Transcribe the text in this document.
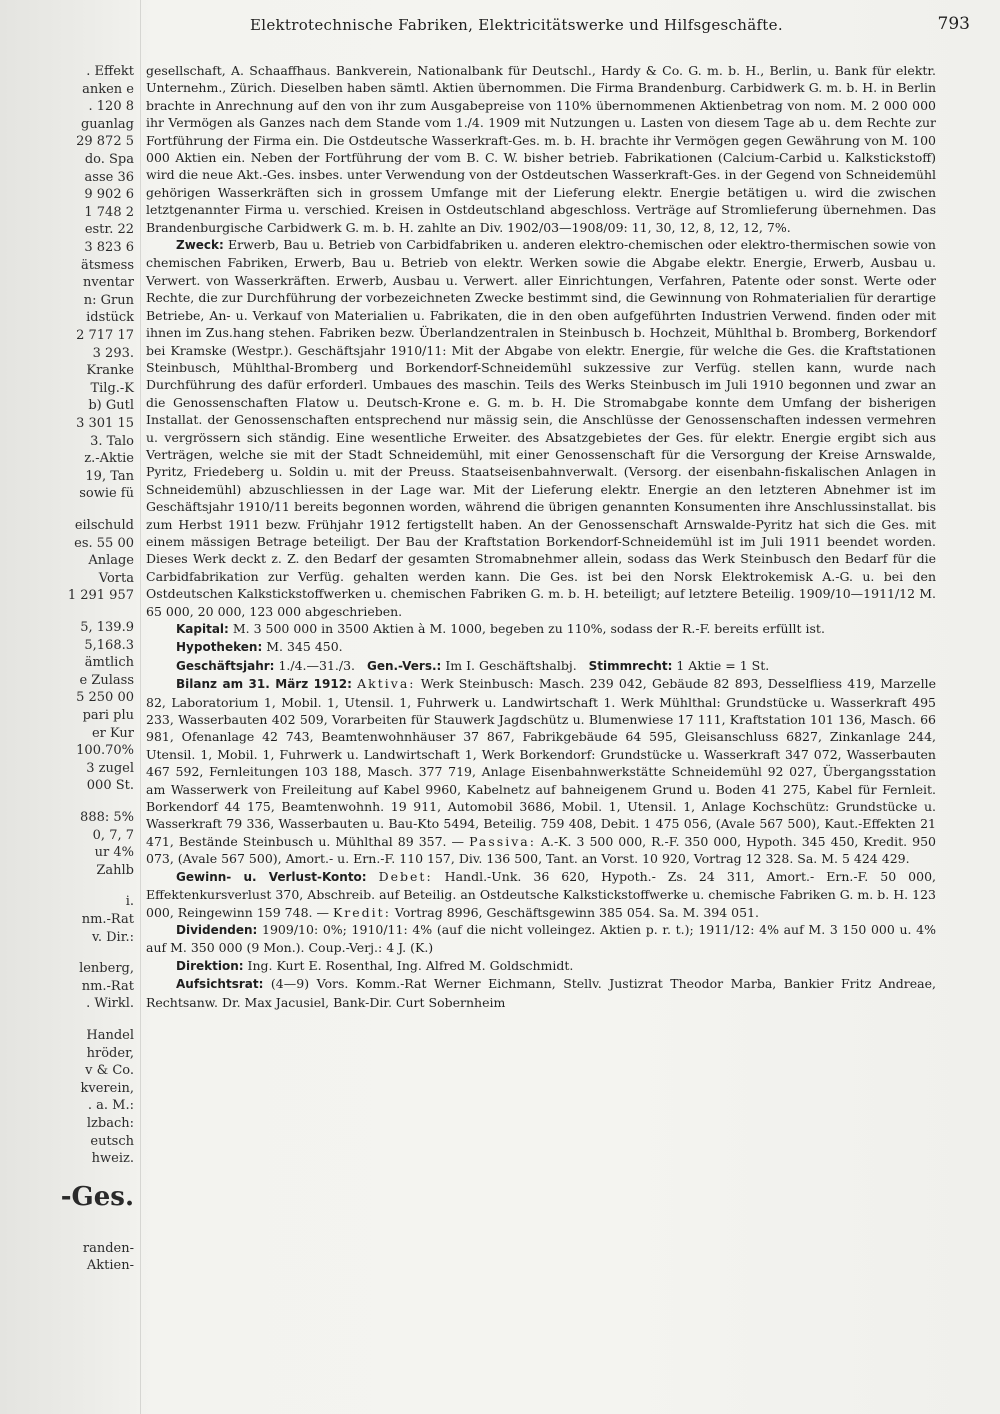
. Effekt
anken e
. 120 8
guanlag
29 872 5
do. Spa
asse 36
9 902 6
1 748 2
estr. 22
3 823 6
ätsmess
nventar
n: Grun
idstück
2 717 17
3 293.
Kranke
Tilg.-K
b) Gutl
3 301 15
3. Talo
z.-Aktie
19, Tan
sowie fü
eilschuld
es. 55 00
Anlage
Vorta
1 291 957
5, 139.9
5,168.3
ämtlich
e Zulass
5 250 00
pari plu
er Kur
100.70%
3 zugel
000 St.
888: 5%
0, 7, 7
ur 4%
Zahlb
i.
nm.-Rat
v. Dir.:
lenberg,
nm.-Rat
. Wirkl.
Handel
hröder,
v & Co.
kverein,
. a. M.:
lzbach:
eutsch
hweiz.
-Ges.
randen-
Aktien-
Elektrotechnische Fabriken, Elektricitätswerke und Hilfsgeschäfte.	793

gesellschaft, A. Schaaffhaus. Bankverein, Nationalbank für Deutschl., Hardy & Co. G. m. b. H., Berlin, u. Bank für elektr. Unternehm., Zürich. Dieselben haben sämtl. Aktien übernommen. Die Firma Brandenburg. Carbidwerk G. m. b. H. in Berlin brachte in Anrechnung auf den von ihr zum Ausgabepreise von 110% übernommenen Aktienbetrag von nom. M. 2 000 000 ihr Vermögen als Ganzes nach dem Stande vom 1./4. 1909 mit Nutzungen u. Lasten von diesem Tage ab u. dem Rechte zur Fortführung der Firma ein. Die Ostdeutsche Wasserkraft-Ges. m. b. H. brachte ihr Vermögen gegen Gewährung von M. 100 000 Aktien ein. Neben der Fortführung der vom B. C. W. bisher betrieb. Fabrikationen (Calcium-Carbid u. Kalkstickstoff) wird die neue Akt.-Ges. insbes. unter Verwendung von der Ostdeutschen Wasserkraft-Ges. in der Gegend von Schneidemühl gehörigen Wasserkräften sich in grossem Umfange mit der Lieferung elektr. Energie betätigen u. wird die zwischen letztgenannter Firma u. verschied. Kreisen in Ostdeutschland abgeschloss. Verträge auf Stromlieferung übernehmen. Das Brandenburgische Carbidwerk G. m. b. H. zahlte an Div. 1902/03—1908/09: 11, 30, 12, 8, 12, 12, 7%.

Zweck: Erwerb, Bau u. Betrieb von Carbidfabriken u. anderen elektro-chemischen oder elektro-thermischen sowie von chemischen Fabriken, Erwerb, Bau u. Betrieb von elektr. Werken sowie die Abgabe elektr. Energie, Erwerb, Ausbau u. Verwert. von Wasserkräften. Erwerb, Ausbau u. Verwert. aller Einrichtungen, Verfahren, Patente oder sonst. Werte oder Rechte, die zur Durchführung der vorbezeichneten Zwecke bestimmt sind, die Gewinnung von Rohmaterialien für derartige Betriebe, An- u. Verkauf von Materialien u. Fabrikaten, die in den oben aufgeführten Industrien Verwend. finden oder mit ihnen im Zus.hang stehen. Fabriken bezw. Überlandzentralen in Steinbusch b. Hochzeit, Mühlthal b. Bromberg, Borkendorf bei Kramske (Westpr.). Geschäftsjahr 1910/11: Mit der Abgabe von elektr. Energie, für welche die Ges. die Kraftstationen Steinbusch, Mühlthal-Bromberg und Borkendorf-Schneidemühl sukzessive zur Verfüg. stellen kann, wurde nach Durchführung des dafür erforderl. Umbaues des maschin. Teils des Werks Steinbusch im Juli 1910 begonnen und zwar an die Genossenschaften Flatow u. Deutsch-Krone e. G. m. b. H. Die Stromabgabe konnte dem Umfang der bisherigen Installat. der Genossenschaften entsprechend nur mässig sein, die Anschlüsse der Genossenschaften indessen vermehren u. vergrössern sich ständig. Eine wesentliche Erweiter. des Absatzgebietes der Ges. für elektr. Energie ergibt sich aus Verträgen, welche sie mit der Stadt Schneidemühl, mit einer Genossenschaft für die Versorgung der Kreise Arnswalde, Pyritz, Friedeberg u. Soldin u. mit der Preuss. Staatseisenbahnverwalt. (Versorg. der eisenbahn-fiskalischen Anlagen in Schneidemühl) abzuschliessen in der Lage war. Mit der Lieferung elektr. Energie an den letzteren Abnehmer ist im Geschäftsjahr 1910/11 bereits begonnen worden, während die übrigen genannten Konsumenten ihre Anschlussinstallat. bis zum Herbst 1911 bezw. Frühjahr 1912 fertigstellt haben. An der Genossenschaft Arnswalde-Pyritz hat sich die Ges. mit einem mässigen Betrage beteiligt. Der Bau der Kraftstation Borkendorf-Schneidemühl ist im Juli 1911 beendet worden. Dieses Werk deckt z. Z. den Bedarf der gesamten Stromabnehmer allein, sodass das Werk Steinbusch den Bedarf für die Carbidfabrikation zur Verfüg. gehalten werden kann. Die Ges. ist bei den Norsk Elektrokemisk A.-G. u. bei den Ostdeutschen Kalkstickstoffwerken u. chemischen Fabriken G. m. b. H. beteiligt; auf letztere Beteilig. 1909/10—1911/12 M. 65 000, 20 000, 123 000 abgeschrieben.

Kapital: M. 3 500 000 in 3500 Aktien à M. 1000, begeben zu 110%, sodass der R.-F. bereits erfüllt ist.

Hypotheken: M. 345 450.

Geschäftsjahr: 1./4.—31./3. Gen.-Vers.: Im I. Geschäftshalbj. Stimmrecht: 1 Aktie = 1 St.

Bilanz am 31. März 1912: Aktiva: Werk Steinbusch: Masch. 239 042, Gebäude 82 893, Desselfliess 419, Marzelle 82, Laboratorium 1, Mobil. 1, Utensil. 1, Fuhrwerk u. Landwirtschaft 1. Werk Mühlthal: Grundstücke u. Wasserkraft 495 233, Wasserbauten 402 509, Vorarbeiten für Stauwerk Jagdschütz u. Blumenwiese 17 111, Kraftstation 101 136, Masch. 66 981, Ofenanlage 42 743, Beamtenwohnhäuser 37 867, Fabrikgebäude 64 595, Gleisanschluss 6827, Zinkanlage 244, Utensil. 1, Mobil. 1, Fuhrwerk u. Landwirtschaft 1, Werk Borkendorf: Grundstücke u. Wasserkraft 347 072, Wasserbauten 467 592, Fernleitungen 103 188, Masch. 377 719, Anlage Eisenbahnwerkstätte Schneidemühl 92 027, Übergangsstation am Wasserwerk von Freileitung auf Kabel 9960, Kabelnetz auf bahneigenem Grund u. Boden 41 275, Kabel für Fernleit. Borkendorf 44 175, Beamtenwohnh. 19 911, Automobil 3686, Mobil. 1, Utensil. 1, Anlage Kochschütz: Grundstücke u. Wasserkraft 79 336, Wasserbauten u. Bau-Kto 5494, Beteilig. 759 408, Debit. 1 475 056, (Avale 567 500), Kaut.-Effekten 21 471, Bestände Steinbusch u. Mühlthal 89 357. — Passiva: A.-K. 3 500 000, R.-F. 350 000, Hypoth. 345 450, Kredit. 950 073, (Avale 567 500), Amort.- u. Ern.-F. 110 157, Div. 136 500, Tant. an Vorst. 10 920, Vortrag 12 328. Sa. M. 5 424 429.

Gewinn- u. Verlust-Konto: Debet: Handl.-Unk. 36 620, Hypoth.- Zs. 24 311, Amort.- Ern.-F. 50 000, Effektenkursverlust 370, Abschreib. auf Beteilig. an Ostdeutsche Kalkstickstoffwerke u. chemische Fabriken G. m. b. H. 123 000, Reingewinn 159 748. — Kredit: Vortrag 8996, Geschäftsgewinn 385 054. Sa. M. 394 051.

Dividenden: 1909/10: 0%; 1910/11: 4% (auf die nicht volleingez. Aktien p. r. t.); 1911/12: 4% auf M. 3 150 000 u. 4% auf M. 350 000 (9 Mon.). Coup.-Verj.: 4 J. (K.)

Direktion: Ing. Kurt E. Rosenthal, Ing. Alfred M. Goldschmidt.

Aufsichtsrat: (4—9) Vors. Komm.-Rat Werner Eichmann, Stellv. Justizrat Theodor Marba, Bankier Fritz Andreae, Rechtsanw. Dr. Max Jacusiel, Bank-Dir. Curt Sobernheim
